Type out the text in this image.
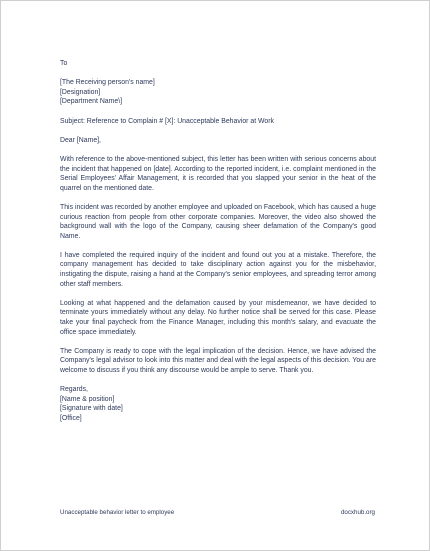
To
[The Receiving person's name]
[Designation]
[Department Name\]
Subject: Reference to Complain # [X]: Unacceptable Behavior at Work
Dear [Name],

With reference to the above-mentioned subject, this letter has been written with serious concerns about the incident that happened on [date]. According to the reported incident, i.e. complaint mentioned in the Serial Employees' Affair Management, it is recorded that you slapped your senior in the heat of the quarrel on the mentioned date.

This incident was recorded by another employee and uploaded on Facebook, which has caused a huge curious reaction from people from other corporate companies. Moreover, the video also showed the background wall with the logo of the Company, causing sheer defamation of the Company's good Name.

I have completed the required inquiry of the incident and found out you at a mistake. Therefore, the company management has decided to take disciplinary action against you for the misbehavior, instigating the dispute, raising a hand at the Company's senior employees, and spreading terror among other staff members.

Looking at what happened and the defamation caused by your misdemeanor, we have decided to terminate yours immediately without any delay. No further notice shall be served for this case. Please take your final paycheck from the Finance Manager, including this month's salary, and evacuate the office space immediately.

The Company is ready to cope with the legal implication of the decision. Hence, we have advised the Company's legal advisor to look into this matter and deal with the legal aspects of this decision. You are welcome to discuss if you think any discourse would be ample to serve. Thank you.

Regards,
[Name & position]
[Signature with date]
[Office]
Unacceptable behavior letter to employee	docxhub.org
